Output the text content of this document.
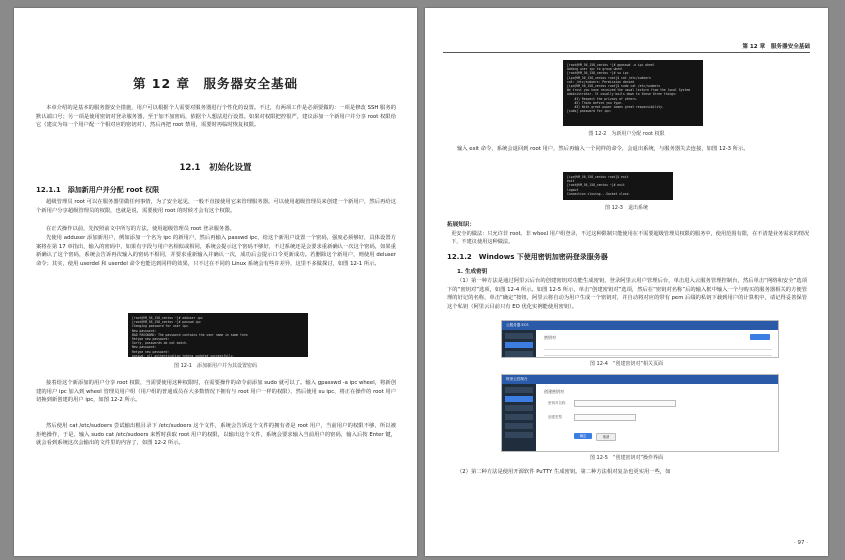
第 12 章　服务器安全基础

本章介绍的是基本的服务器安全措施，用户可以根据个人需要对服务器进行个性化的设置。不过，有两项工作是必须要做的：一项是修改 SSH 服务的默认端口号；另一项是使用密钥对登录服务器，至于加不加密码，依据个人想法进行设置。如果对权限把控很严，建议添加一个新用户并分享 root 权限给它（建议为每一个用户配一个相对应的密钥对），然后再把 root 禁用，需要时再临时恢复权限。

12.1　初始化设置
12.1.1　添加新用户并分配 root 权限

超级管理员 root 可以在服务器里做任何事情，为了安全起见，一般不直接使用它来管理服务器。可以使用超级管理员来创建一个新用户，然后再给这个新用户分享超级管理员的权限，也就是说，需要使用 root 的时候才会有这个权限。

在正式操作以前，先按照前文中所写的方法，使用超级管理员 root 登录服务器。

先使用 adduser 添加新用户，例如添加一个名为 ipc 的新用户，然后再输入 passwd ipc，给这个新用户设置一个密码，强度必须够好，具体设置方案将在第 17 章指出，输入的密码中，如果有字段与用户名相似或相同，系统会提示这个密码不够好，不过系统还是会要求重新确认一次这个密码，如果重新确认了这个密码，系统会告诉再次输入的密码不相同，并要求重新输入并确认一次，成功后会提示口令更新成功。若删除这个新用户，则使用 deluser 命令；其实，使用 userdel 和 userdel 命令也能达到同样的效果，只不过在不同的 Linux 系统会有些许差异，这里不多做探讨，如图 12-1 所示。

[root@VM_56_158_centos ~]# adduser ipc
[root@VM_56_158_centos ~]# passwd ipc
Changing password for user ipc.
New password:
BAD PASSWORD: The password contains the user name in some form
Retype new password:
Sorry, passwords do not match.
New password:
Retype new password:
passwd: all authentication tokens updated successfully.
图 12-1　添加新用户并为其设置密码

接着给这个新添加的用户分享 root 权限，当需要使用这种权限时，在需要操作的命令前添加 sudo 就可以了。输入 gpasswd -a ipc wheel，将新创建的用户 ipc 加入到 wheel 管理员用户组（用户组的普通成员在大多数情况下拥有与 root 用户一样的权限），然后使用 su ipc，将正在操作的 root 用户切换到新创建的用户 ipc，如图 12-2 所示。

然后使用 cat /etc/sudoers 尝试输出根目录下 /etc/sudoers 这个文件，系统会告诉这个文件的拥有者是 root 用户，当前用户的权限不够，所以被拒绝操作，于是，输入 sudo cat /etc/sudoers 来暂时获取 root 用户的权限，以输出这个文件，系统会要求输入当前用户的密码，输入后按 Enter 键，就会看到系统这次会输出的文件里的内容了，如图 12-2 所示。

第 12 章　服务器安全基础
[root@VM_56_158_centos ~]# gpasswd -a ipc wheel
Adding user ipc to group wheel
[root@VM_56_158_centos ~]# su ipc
[ipc@VM_56_158_centos root]$ cat /etc/sudoers
cat: /etc/sudoers: Permission denied
[ipc@VM_56_158_centos root]$ sudo cat /etc/sudoers
We trust you have received the usual lecture from the local System
Administrator. It usually boils down to these three things:
#1) Respect the privacy of others.
#2) Think before you type.
#3) With great power comes great responsibility.
[sudo] password for ipc:
图 12-2　为新用户分配 root 权限

输入 exit 命令，系统会退回到 root 用户，然后再输入一个同样的命令，会退出系统，与服务器失去连接，如图 12-3 所示。

[ipc@VM_56_158_centos root]$ exit
exit
[root@VM_56_158_centos ~]# exit
logout
Connection closing...Socket close.
图 12-3　退出系统
拓展知识：

更安全的做法：只允许非 root、非 wheel 用户组登录，不过这种限制只能使用在不需要超级管理员权限的服务中，使用范围有限，在不清楚业务需求的情况下，不建议使用这种做法。

12.1.2　Windows 下使用密钥加密码登录服务器
1. 生成密钥

（1）第一种方法是通过阿里云后台的创建密钥对功能生成密钥，登录阿里云用户管理后台，单击进入云服务管理控制台，然后单击“网络和安全”选项下的“密钥对”选项，如图 12-4 所示。如图 12-5 所示，单击“创建密钥对”选项，然后在“密钥对名称”后的输入框中输入一个与购买的服务器相关的方便管理的好记的名称，单击“确定”按钮，阿里云将自动为用户生成一个密钥对，并自动将对应的带有 pem 后缀的私钥下载到用户的计算机中，请记得妥善保管这个私钥（阿里云目前只有 EO 优化实例能使用密钥）。

云服务器 ECS
密钥对
图 12-4　“创建密钥对”相关页面
阿里云控制台
创建密钥对
密钥对名称
创建类型
确定	取消
图 12-5　“创建密钥对”操作界面

（2）第二种方法是使用开源软件 PuTTY 生成密钥。第二种方法相对复杂也更实用一些，如

· 97 ·
